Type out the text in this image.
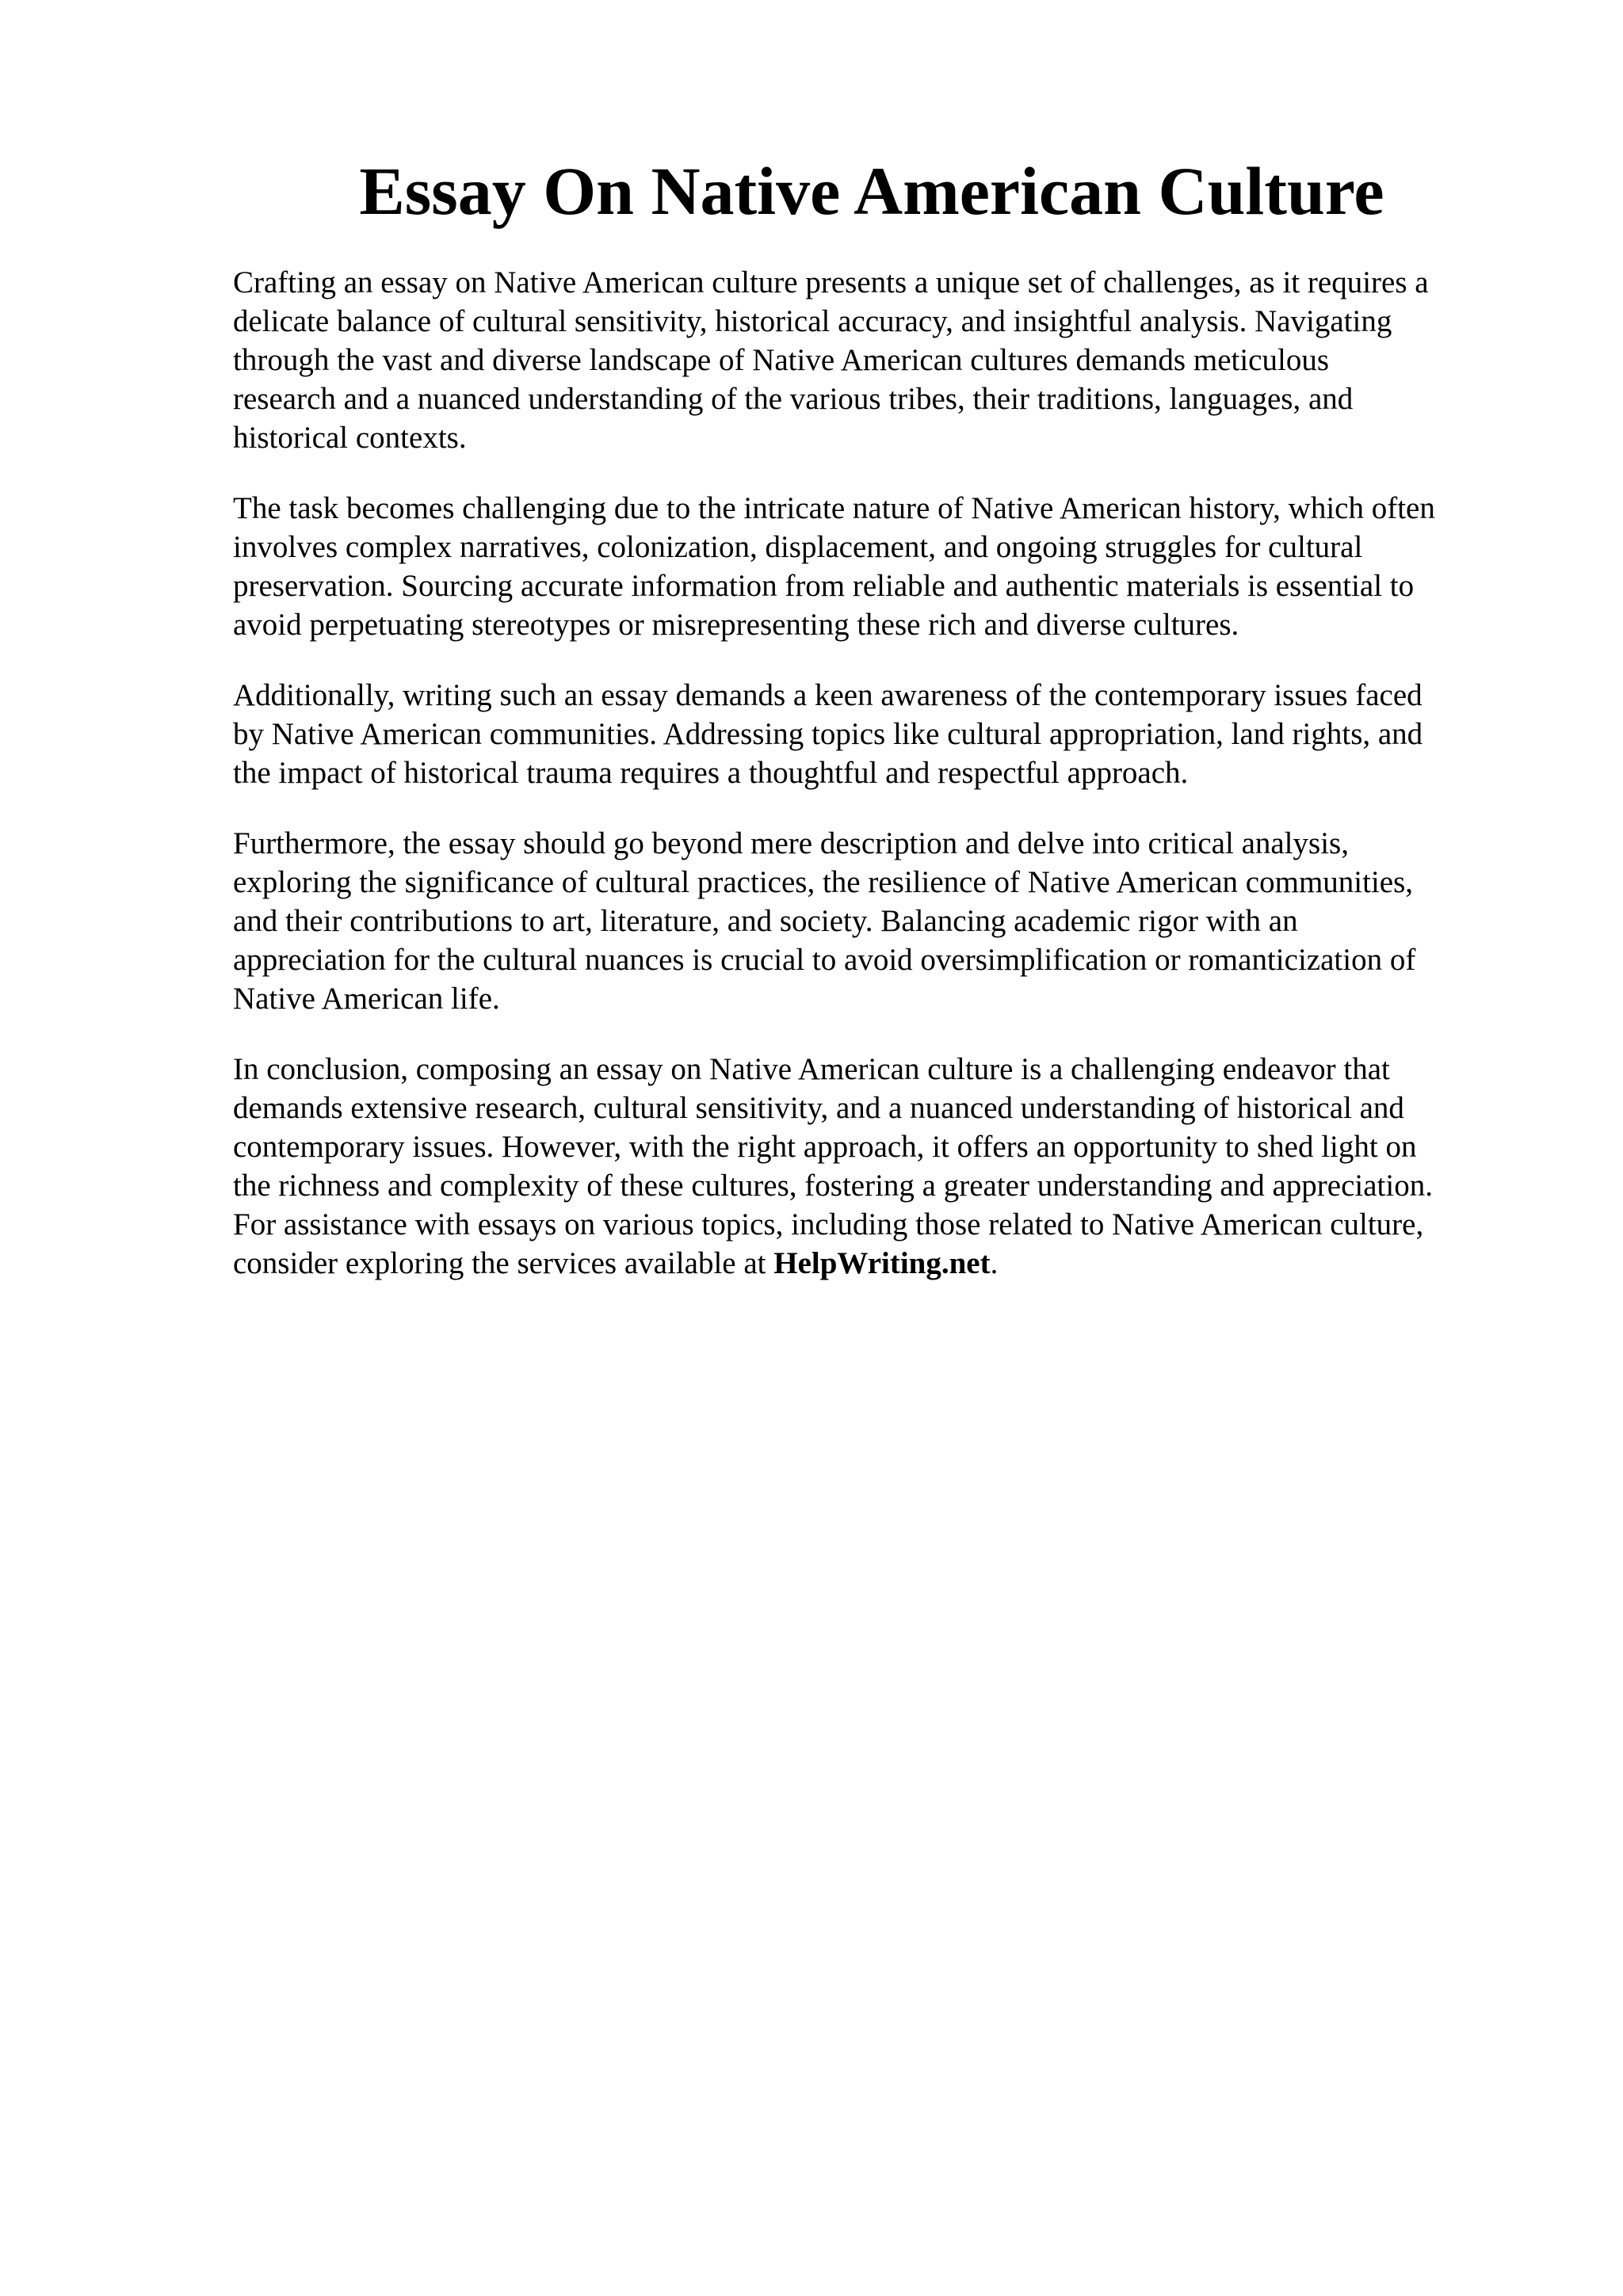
Essay On Native American Culture

Crafting an essay on Native American culture presents a unique set of challenges, as it requires a
delicate balance of cultural sensitivity, historical accuracy, and insightful analysis. Navigating
through the vast and diverse landscape of Native American cultures demands meticulous
research and a nuanced understanding of the various tribes, their traditions, languages, and
historical contexts.

The task becomes challenging due to the intricate nature of Native American history, which often
involves complex narratives, colonization, displacement, and ongoing struggles for cultural
preservation. Sourcing accurate information from reliable and authentic materials is essential to
avoid perpetuating stereotypes or misrepresenting these rich and diverse cultures.

Additionally, writing such an essay demands a keen awareness of the contemporary issues faced
by Native American communities. Addressing topics like cultural appropriation, land rights, and
the impact of historical trauma requires a thoughtful and respectful approach.

Furthermore, the essay should go beyond mere description and delve into critical analysis,
exploring the significance of cultural practices, the resilience of Native American communities,
and their contributions to art, literature, and society. Balancing academic rigor with an
appreciation for the cultural nuances is crucial to avoid oversimplification or romanticization of
Native American life.

In conclusion, composing an essay on Native American culture is a challenging endeavor that
demands extensive research, cultural sensitivity, and a nuanced understanding of historical and
contemporary issues. However, with the right approach, it offers an opportunity to shed light on
the richness and complexity of these cultures, fostering a greater understanding and appreciation.
For assistance with essays on various topics, including those related to Native American culture,
consider exploring the services available at HelpWriting.net.
